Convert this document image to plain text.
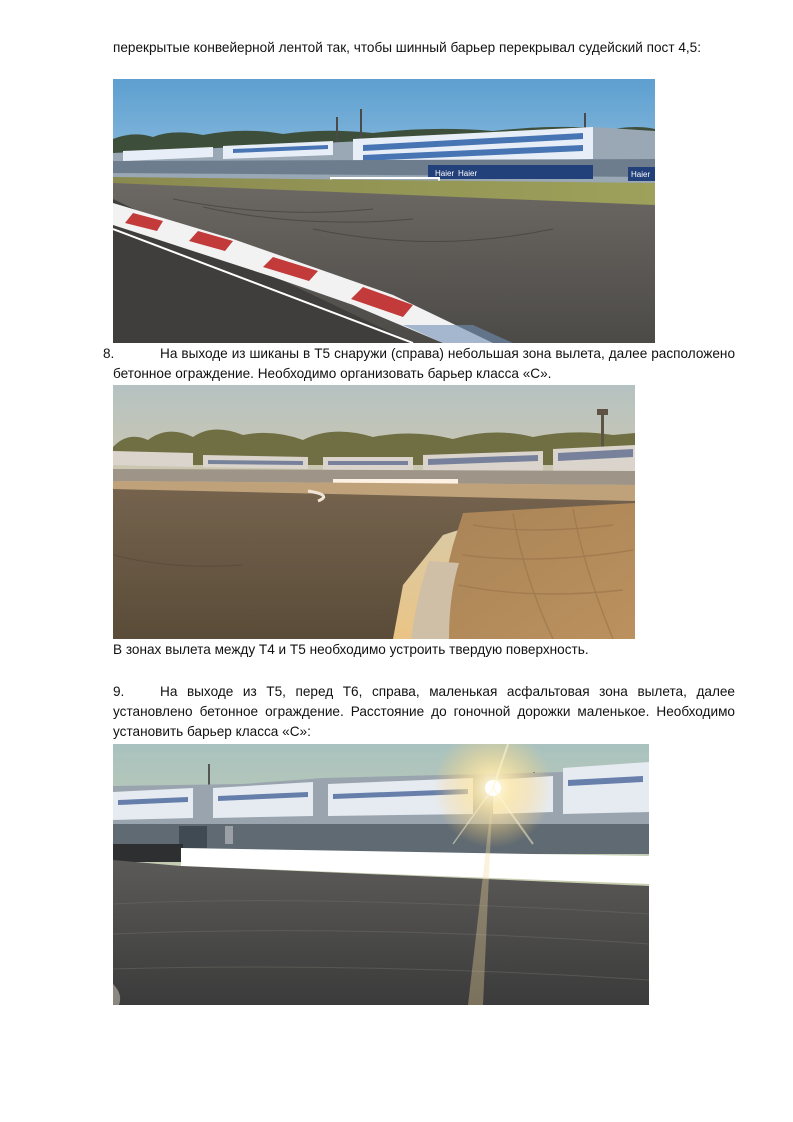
перекрытые конвейерной лентой так, чтобы шинный барьер перекрывал судейский пост 4,5:
Haier Haier	Haier
8.	На выходе из шиканы в Т5 снаружи (справа) небольшая зона вылета, далее расположено бетонное ограждение. Необходимо организовать барьер класса «С».
В зонах вылета между Т4 и Т5 необходимо устроить твердую поверхность.
9.	На выходе из Т5, перед Т6, справа, маленькая асфальтовая зона вылета, далее установлено бетонное ограждение. Расстояние до гоночной дорожки маленькое. Необходимо установить барьер класса «С»:
